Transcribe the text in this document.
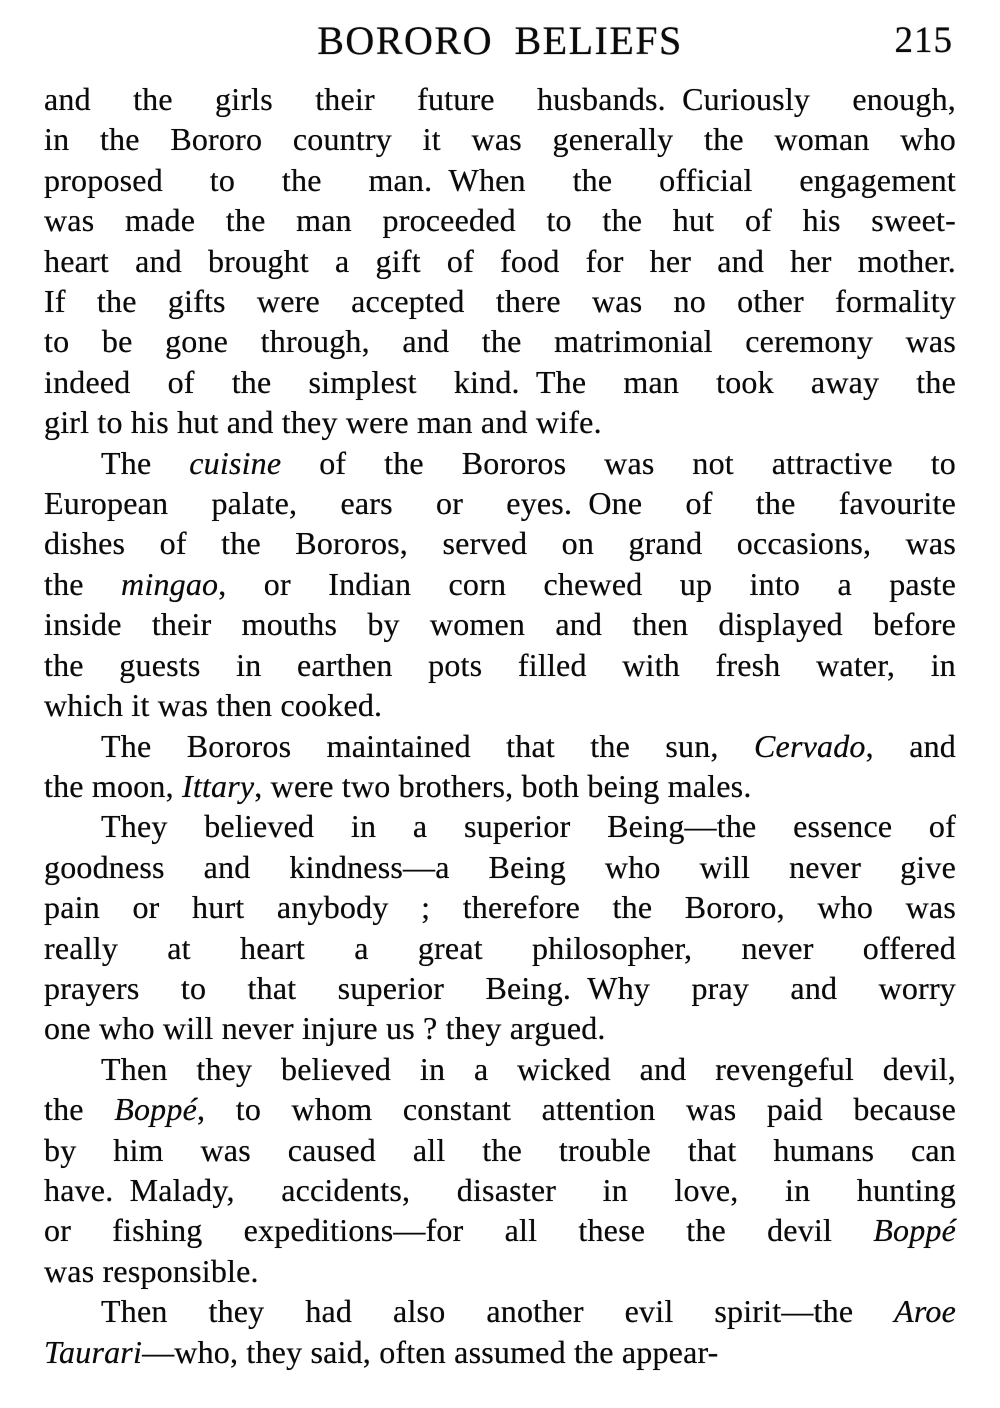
BORORO BELIEFS	215
and the girls their future husbands. Curiously enough,
in the Bororo country it was generally the woman who
proposed to the man. When the official engagement
was made the man proceeded to the hut of his sweet-
heart and brought a gift of food for her and her mother.
If the gifts were accepted there was no other formality
to be gone through, and the matrimonial ceremony was
indeed of the simplest kind. The man took away the
girl to his hut and they were man and wife.
The cuisine of the Bororos was not attractive to
European palate, ears or eyes. One of the favourite
dishes of the Bororos, served on grand occasions, was
the mingao, or Indian corn chewed up into a paste
inside their mouths by women and then displayed before
the guests in earthen pots filled with fresh water, in
which it was then cooked.
The Bororos maintained that the sun, Cervado, and
the moon, Ittary, were two brothers, both being males.
They believed in a superior Being—the essence of
goodness and kindness—a Being who will never give
pain or hurt anybody ; therefore the Bororo, who was
really at heart a great philosopher, never offered
prayers to that superior Being. Why pray and worry
one who will never injure us ? they argued.
Then they believed in a wicked and revengeful devil,
the Boppé, to whom constant attention was paid because
by him was caused all the trouble that humans can
have. Malady, accidents, disaster in love, in hunting
or fishing expeditions—for all these the devil Boppé
was responsible.
Then they had also another evil spirit—the Aroe
Taurari—who, they said, often assumed the appear-
